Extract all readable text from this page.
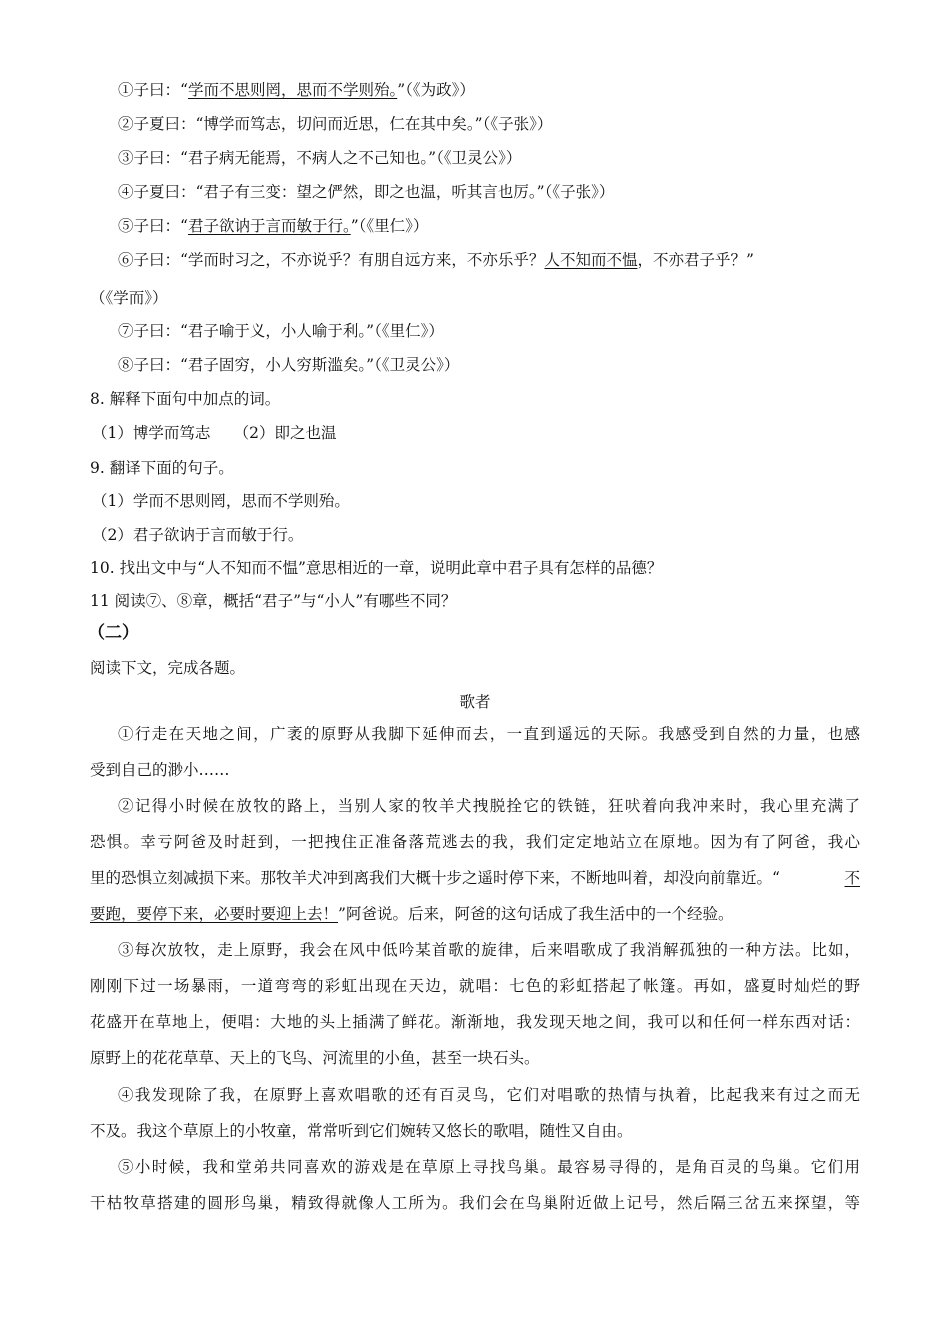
①子曰：“学而不思则罔，思而不学则殆。”（《为政》）
②子夏曰：“博学而笃志，切问而近思，仁在其中矣。”（《子张》）
③子曰：“君子病无能焉，不病人之不己知也。”（《卫灵公》）
④子夏曰：“君子有三变：望之俨然，即之也温，听其言也厉。”（《子张》）
⑤子曰：“君子欲讷于言而敏于行。”（《里仁》）
⑥子曰：“学而时习之，不亦说乎？有朋自远方来，不亦乐乎？人不知而不愠，不亦君子乎？”
（《学而》）
⑦子曰：“君子喻于义，小人喻于利。”（《里仁》）
⑧子曰：“君子固穷，小人穷斯滥矣。”（《卫灵公》）
8. 解释下面句中加点的词。
（1）博学而笃志　　（2）即之也温
9. 翻译下面的句子。
（1）学而不思则罔，思而不学则殆。
（2）君子欲讷于言而敏于行。
10. 找出文中与“人不知而不愠”意思相近的一章，说明此章中君子具有怎样的品德？
11 阅读⑦、⑧章，概括“君子”与“小人”有哪些不同？
（二）
阅读下文，完成各题。
歌者
①行走在天地之间，广袤的原野从我脚下延伸而去，一直到遥远的天际。我感受到自然的力量，也感
受到自己的渺小……
②记得小时候在放牧的路上，当别人家的牧羊犬拽脱拴它的铁链，狂吠着向我冲来时，我心里充满了
恐惧。幸亏阿爸及时赶到，一把拽住正准备落荒逃去的我，我们定定地站立在原地。因为有了阿爸，我心
里的恐惧立刻减损下来。那牧羊犬冲到离我们大概十步之遥时停下来，不断地叫着，却没向前靠近。“	不
要跑，要停下来，必要时要迎上去！”阿爸说。后来，阿爸的这句话成了我生活中的一个经验。
③每次放牧，走上原野，我会在风中低吟某首歌的旋律，后来唱歌成了我消解孤独的一种方法。比如，
刚刚下过一场暴雨，一道弯弯的彩虹出现在天边，就唱：七色的彩虹搭起了帐篷。再如，盛夏时灿烂的野
花盛开在草地上，便唱：大地的头上插满了鲜花。渐渐地，我发现天地之间，我可以和任何一样东西对话：
原野上的花花草草、天上的飞鸟、河流里的小鱼，甚至一块石头。
④我发现除了我，在原野上喜欢唱歌的还有百灵鸟，它们对唱歌的热情与执着，比起我来有过之而无
不及。我这个草原上的小牧童，常常听到它们婉转又悠长的歌唱，随性又自由。
⑤小时候，我和堂弟共同喜欢的游戏是在草原上寻找鸟巢。最容易寻得的，是角百灵的鸟巢。它们用
干枯牧草搭建的圆形鸟巢，精致得就像人工所为。我们会在鸟巢附近做上记号，然后隔三岔五来探望，等
